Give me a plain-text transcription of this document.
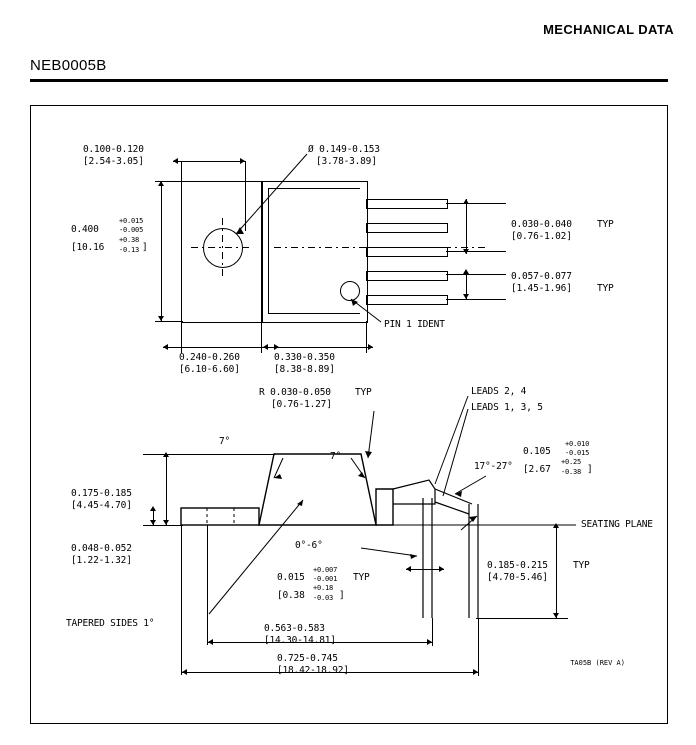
MECHANICAL DATA
NEB0005B
0.100-0.120
[2.54-3.05]
Ø 0.149-0.153
[3.78-3.89]
0.400
+0.015
-0.005
[10.16
+0.38
-0.13 ]
0.240-0.260
[6.10-6.60]
0.330-0.350
[8.38-8.89]
0.030-0.040
[0.76-1.02]
TYP
0.057-0.077
[1.45-1.96]	TYP
PIN 1 IDENT
R 0.030-0.050
[0.76-1.27]
TYP	LEADS 2, 4
LEADS 1, 3, 5
7°
7°
17°-27°
0°-6°
0.105
+0.010
-0.015
[2.67
+0.25
-0.38 ]
0.175-0.185
[4.45-4.70]
0.048-0.052
[1.22-1.32]
0.015
+0.007
-0.001 TYP
[0.38
+0.18
-0.03 ]
SEATING PLANE
0.185-0.215
[4.70-5.46]
TYP
TAPERED SIDES 1°	0.563-0.583
[14.30-14.81]
0.725-0.745
[18.42-18.92]
TA05B (REV A)
